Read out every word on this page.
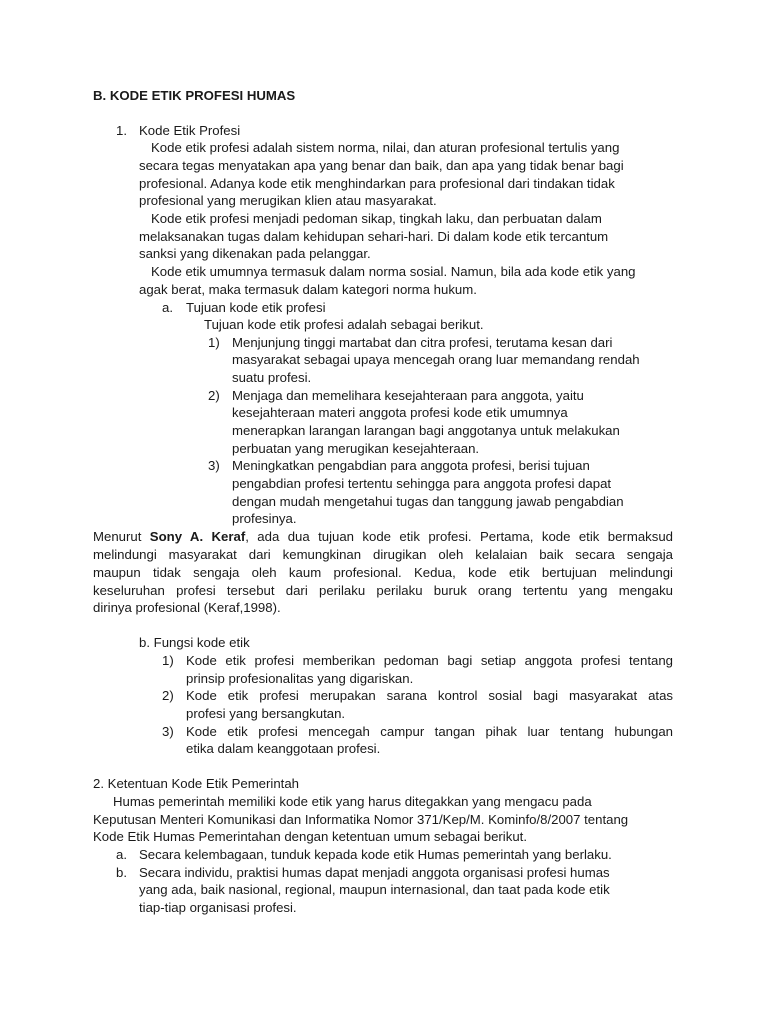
B. KODE ETIK PROFESI HUMAS
1. Kode Etik Profesi
Kode etik profesi adalah sistem norma, nilai, dan aturan profesional tertulis yang
secara tegas menyatakan apa yang benar dan baik, dan apa yang tidak benar bagi
profesional. Adanya kode etik menghindarkan para profesional dari tindakan tidak
profesional yang merugikan klien atau masyarakat.
Kode etik profesi menjadi pedoman sikap, tingkah laku, dan perbuatan dalam
melaksanakan tugas dalam kehidupan sehari-hari. Di dalam kode etik tercantum
sanksi yang dikenakan pada pelanggar.
Kode etik umumnya termasuk dalam norma sosial. Namun, bila ada kode etik yang
agak berat, maka termasuk dalam kategori norma hukum.
a. Tujuan kode etik profesi
Tujuan kode etik profesi adalah sebagai berikut.
1) Menjunjung tinggi martabat dan citra profesi, terutama kesan dari
masyarakat sebagai upaya mencegah orang luar memandang rendah
suatu profesi.
2) Menjaga dan memelihara kesejahteraan para anggota, yaitu
kesejahteraan materi anggota profesi kode etik umumnya
menerapkan larangan larangan bagi anggotanya untuk melakukan
perbuatan yang merugikan kesejahteraan.
3) Meningkatkan pengabdian para anggota profesi, berisi tujuan
pengabdian profesi tertentu sehingga para anggota profesi dapat
dengan mudah mengetahui tugas dan tanggung jawab pengabdian
profesinya.
Menurut Sony A. Keraf, ada dua tujuan kode etik profesi. Pertama, kode etik bermaksud
melindungi masyarakat dari kemungkinan dirugikan oleh kelalaian baik secara sengaja
maupun tidak sengaja oleh kaum profesional. Kedua, kode etik bertujuan melindungi
keseluruhan profesi tersebut dari perilaku perilaku buruk orang tertentu yang mengaku
dirinya profesional (Keraf,1998).
b. Fungsi kode etik
1) Kode etik profesi memberikan pedoman bagi setiap anggota profesi tentang
prinsip profesionalitas yang digariskan.
2) Kode etik profesi merupakan sarana kontrol sosial bagi masyarakat atas
profesi yang bersangkutan.
3) Kode etik profesi mencegah campur tangan pihak luar tentang hubungan
etika dalam keanggotaan profesi.
2. Ketentuan Kode Etik Pemerintah
Humas pemerintah memiliki kode etik yang harus ditegakkan yang mengacu pada
Keputusan Menteri Komunikasi dan Informatika Nomor 371/Kep/M. Kominfo/8/2007 tentang
Kode Etik Humas Pemerintahan dengan ketentuan umum sebagai berikut.
a. Secara kelembagaan, tunduk kepada kode etik Humas pemerintah yang berlaku.
b. Secara individu, praktisi humas dapat menjadi anggota organisasi profesi humas
yang ada, baik nasional, regional, maupun internasional, dan taat pada kode etik
tiap-tiap organisasi profesi.
